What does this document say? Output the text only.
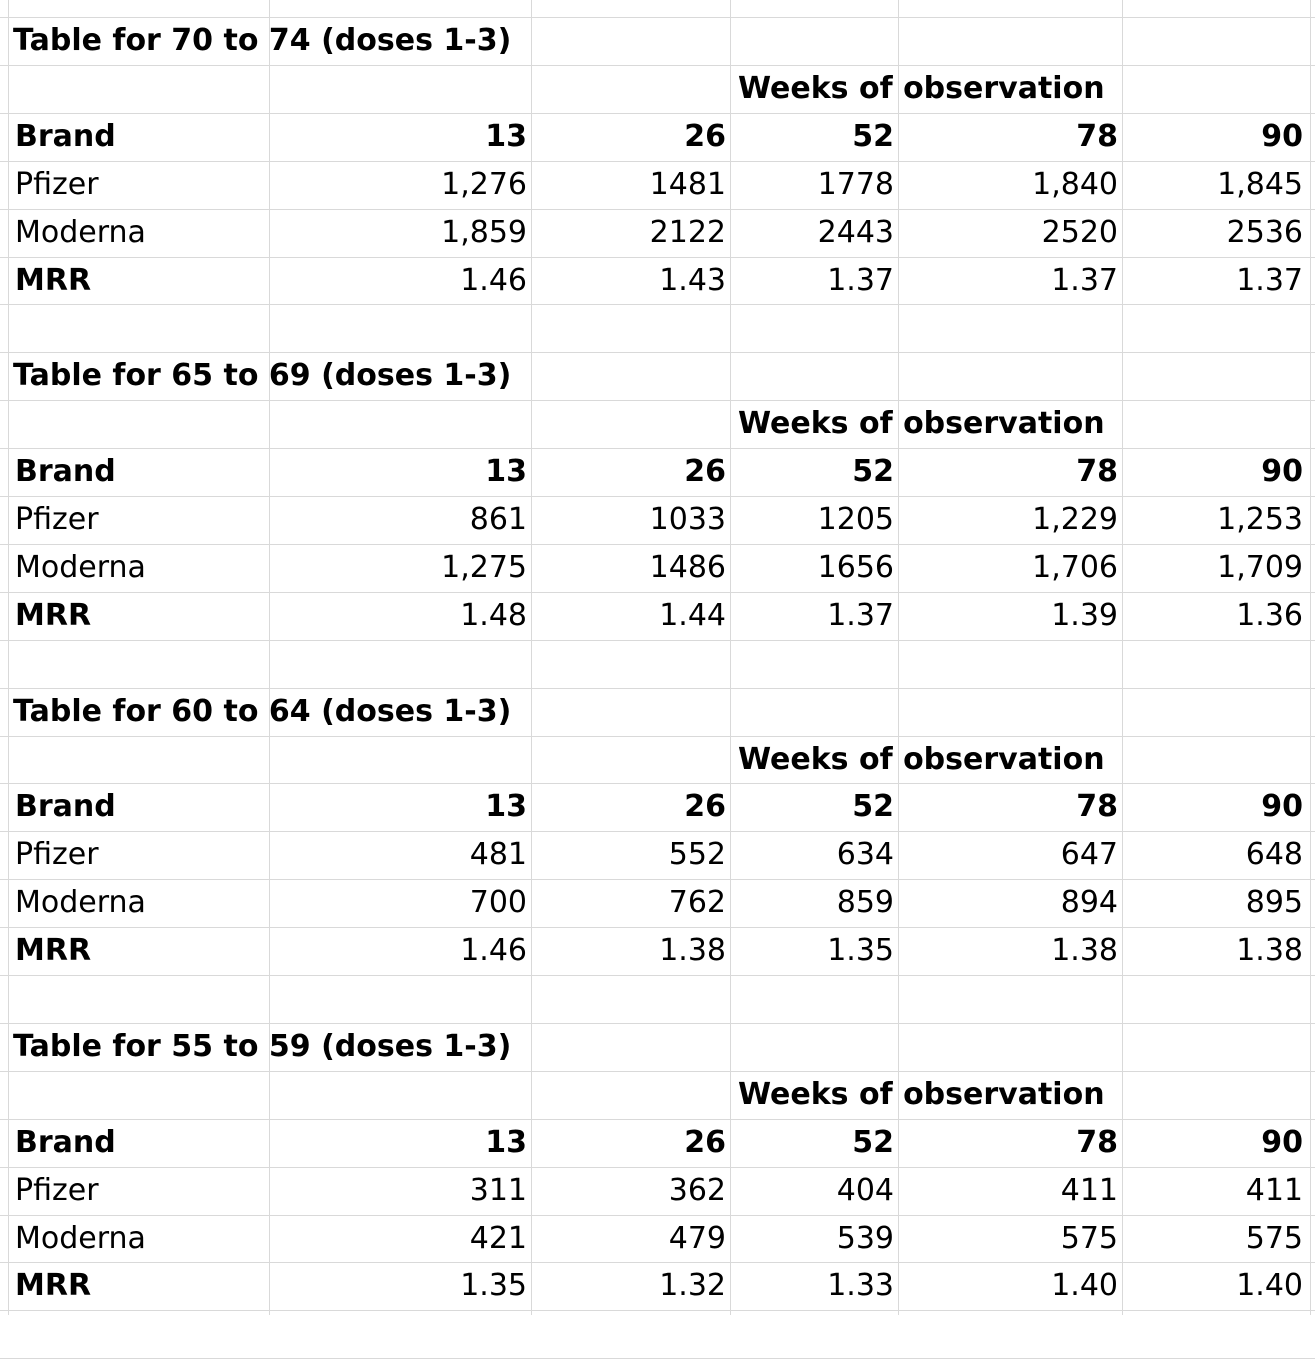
Table for 70 to 74 (doses 1-3)
Weeks of observation
Brand	13	26	52	78	90
Pfizer	1,276	1481	1778	1,840	1,845
Moderna	1,859	2122	2443	2520	2536
MRR	1.46	1.43	1.37	1.37	1.37
Table for 65 to 69 (doses 1-3)
Weeks of observation
Brand	13	26	52	78	90
Pfizer	861	1033	1205	1,229	1,253
Moderna	1,275	1486	1656	1,706	1,709
MRR	1.48	1.44	1.37	1.39	1.36
Table for 60 to 64 (doses 1-3)
Weeks of observation
Brand	13	26	52	78	90
Pfizer	481	552	634	647	648
Moderna	700	762	859	894	895
MRR	1.46	1.38	1.35	1.38	1.38
Table for 55 to 59 (doses 1-3)
Weeks of observation
Brand	13	26	52	78	90
Pfizer	311	362	404	411	411
Moderna	421	479	539	575	575
MRR	1.35	1.32	1.33	1.40	1.40
